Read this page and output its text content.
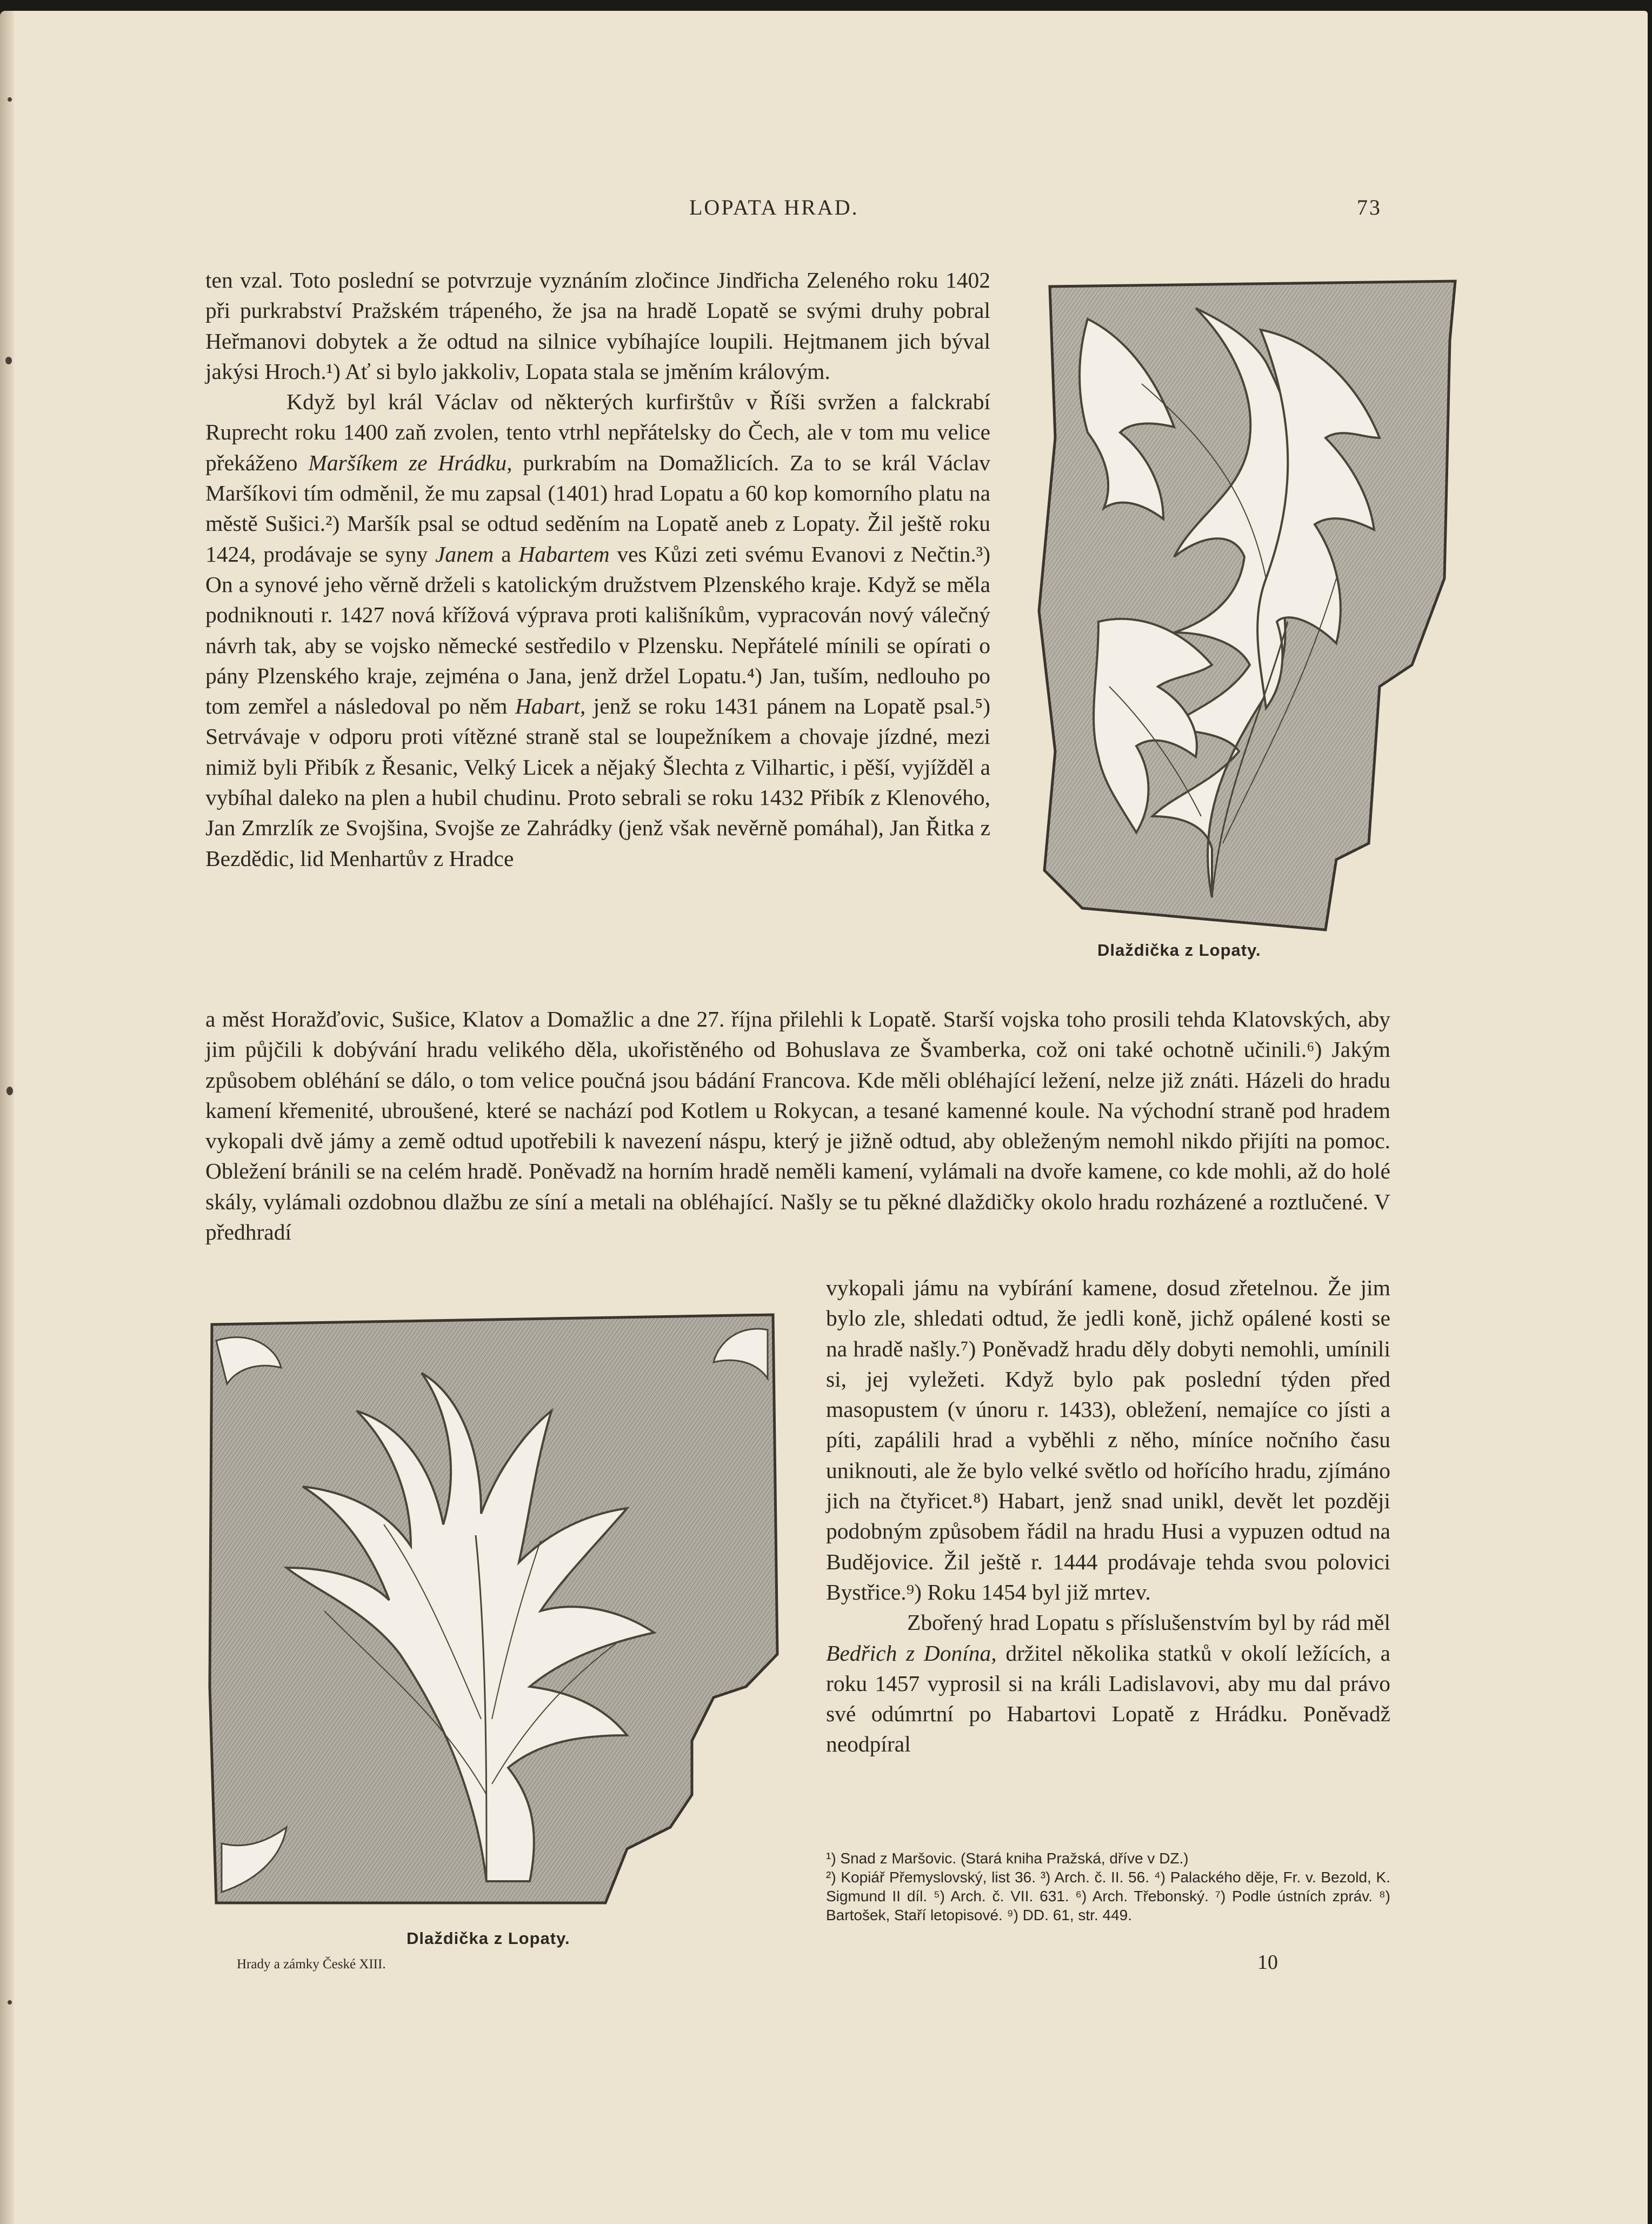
LOPATA HRAD.	73

ten vzal. Toto poslední se potvrzuje vyznáním zločince Jindřicha Zeleného roku 1402 při purkrabství Pražském trápeného, že jsa na hradě Lopatě se svými druhy pobral Heřmanovi dobytek a že odtud na silnice vybíhajíce loupili. Hejtmanem jich býval jakýsi Hroch.¹) Ať si bylo jakkoliv, Lopata stala se jměním královým.

Když byl král Václav od některých kurfirštův v Říši svržen a falckrabí Ruprecht roku 1400 zaň zvolen, tento vtrhl nepřátelsky do Čech, ale v tom mu velice překáženo Maršíkem ze Hrádku, purkrabím na Domažlicích. Za to se král Václav Maršíkovi tím odměnil, že mu zapsal (1401) hrad Lopatu a 60 kop komorního platu na městě Sušici.²) Maršík psal se odtud seděním na Lopatě aneb z Lopaty. Žil ještě roku 1424, prodávaje se syny Janem a Habartem ves Kůzi zeti svému Evanovi z Nečtin.³) On a synové jeho věrně drželi s katolickým družstvem Plzenského kraje. Když se měla podniknouti r. 1427 nová křížová výprava proti kališníkům, vypracován nový válečný návrh tak, aby se vojsko německé sestředilo v Plzensku. Nepřátelé mínili se opírati o pány Plzenského kraje, zejména o Jana, jenž držel Lopatu.⁴) Jan, tuším, nedlouho po tom zemřel a následoval po něm Habart, jenž se roku 1431 pánem na Lopatě psal.⁵) Setrvávaje v odporu proti vítězné straně stal se loupežníkem a chovaje jízdné, mezi nimiž byli Přibík z Řesanic, Velký Licek a nějaký Šlechta z Vilhartic, i pěší, vyjížděl a vybíhal daleko na plen a hubil chudinu. Proto sebrali se roku 1432 Přibík z Klenového, Jan Zmrzlík ze Svojšina, Svojše ze Zahrádky (jenž však nevěrně pomáhal), Jan Řitka z Bezdědic, lid Menhartův z Hradce

Dlaždička z Lopaty.

a měst Horažďovic, Sušice, Klatov a Domažlic a dne 27. října přilehli k Lopatě. Starší vojska toho prosili tehda Klatovských, aby jim půjčili k dobývání hradu velikého děla, ukořistěného od Bohuslava ze Švamberka, což oni také ochotně učinili.⁶) Jakým způsobem obléhání se dálo, o tom velice poučná jsou bádání Francova. Kde měli obléhající ležení, nelze již znáti. Házeli do hradu kamení křemenité, ubroušené, které se nachází pod Kotlem u Rokycan, a tesané kamenné koule. Na východní straně pod hradem vykopali dvě jámy a země odtud upotřebili k navezení náspu, který je jižně odtud, aby obleženým nemohl nikdo přijíti na pomoc. Obležení bránili se na celém hradě. Poněvadž na horním hradě neměli kamení, vylámali na dvoře kamene, co kde mohli, až do holé skály, vylámali ozdobnou dlažbu ze síní a metali na obléhající. Našly se tu pěkné dlaždičky okolo hradu rozházené a roztlučené. V předhradí

Dlaždička z Lopaty.

vykopali jámu na vybírání kamene, dosud zřetelnou. Že jim bylo zle, shledati odtud, že jedli koně, jichž opálené kosti se na hradě našly.⁷) Poněvadž hradu děly dobyti nemohli, umínili si, jej vyležeti. Když bylo pak poslední týden před masopustem (v únoru r. 1433), obležení, nemajíce co jísti a píti, zapálili hrad a vyběhli z něho, míníce nočního času uniknouti, ale že bylo velké světlo od hořícího hradu, zjímáno jich na čtyřicet.⁸) Habart, jenž snad unikl, devět let později podobným způsobem řádil na hradu Husi a vypuzen odtud na Budějovice. Žil ještě r. 1444 prodávaje tehda svou polovici Bystřice.⁹) Roku 1454 byl již mrtev.

Zbořený hrad Lopatu s příslušenstvím byl by rád měl Bedřich z Donína, držitel několika statků v okolí ležících, a roku 1457 vyprosil si na králi Ladislavovi, aby mu dal právo své odúmrtní po Habartovi Lopatě z Hrádku. Poněvadž neodpíral

¹) Snad z Maršovic. (Stará kniha Pražská, dříve v DZ.)
²) Kopiář Přemyslovský, list 36. ³) Arch. č. II. 56. ⁴) Palackého děje, Fr. v. Bezold, K. Sigmund II díl. ⁵) Arch. č. VII. 631. ⁶) Arch. Třebonský. ⁷) Podle ústních zpráv. ⁸) Bartošek, Staří letopisové. ⁹) DD. 61, str. 449.
Hrady a zámky České XIII.	10
